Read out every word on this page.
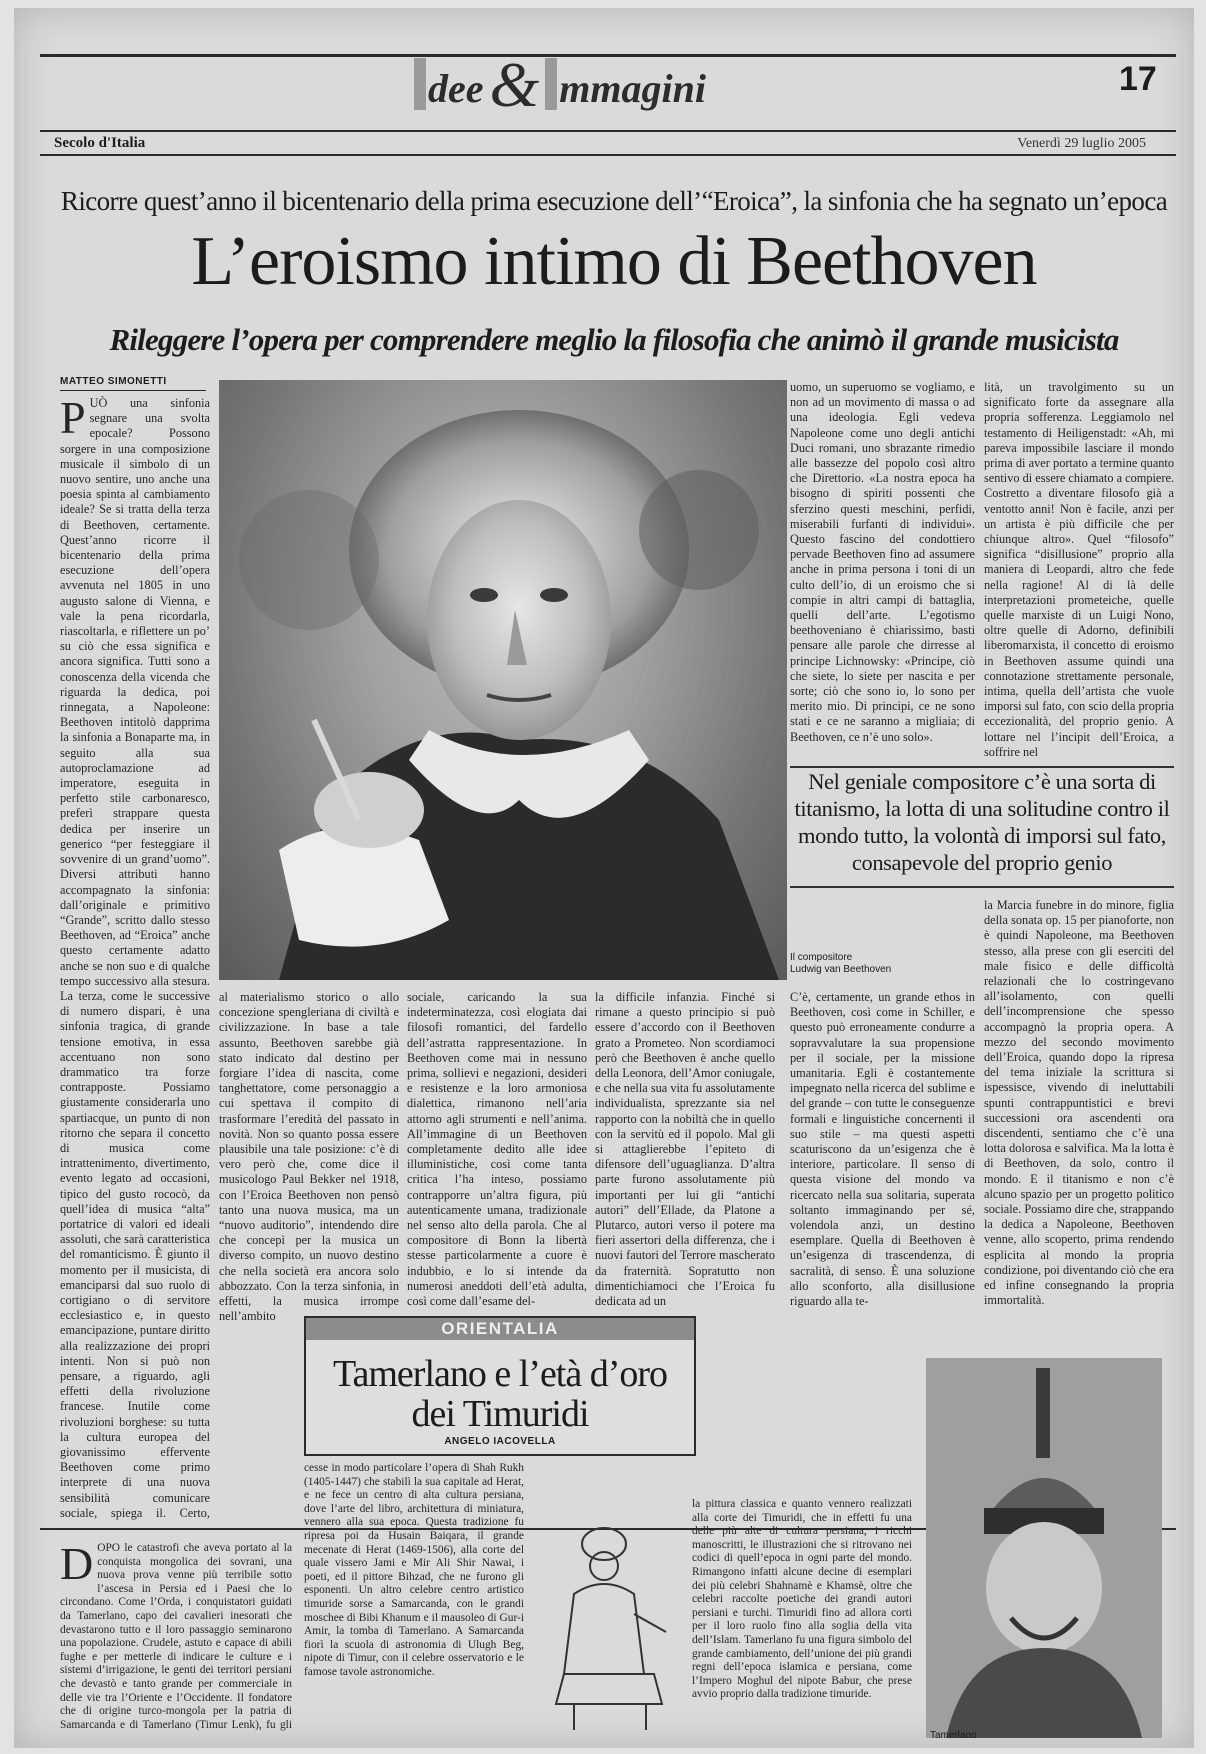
dee& mmagini	17
Secolo d'Italia	Venerdì 29 luglio 2005
Ricorre quest’anno il bicentenario della prima esecuzione dell’“Eroica”, la sinfonia che ha segnato un’epoca
L’eroismo intimo di Beethoven
Rileggere l’opera per comprendere meglio la filosofia che animò il grande musicista
MATTEO SIMONETTI

PUÒ una sinfonia segnare una svolta epocale? Possono sorgere in una composizione musicale il simbolo di un nuovo sentire, uno anche una poesia spinta al cambiamento ideale? Se si tratta della terza di Beethoven, certamente. Quest’anno ricorre il bicentenario della prima esecuzione dell’opera avvenuta nel 1805 in uno augusto salone di Vienna, e vale la pena ricordarla, riascoltarla, e riflettere un po’ su ciò che essa significa e ancora significa. Tutti sono a conoscenza della vicenda che riguarda la dedica, poi rinnegata, a Napoleone: Beethoven intitolò dapprima la sinfonia a Bonaparte ma, in seguito alla sua autoproclamazione ad imperatore, eseguita in perfetto stile carbonaresco, preferì strappare questa dedica per inserire un generico “per festeggiare il sovvenire di un grand’uomo”. Diversi attributi hanno accompagnato la sinfonia: dall’originale e primitivo “Grande”, scritto dallo stesso Beethoven, ad “Eroica” anche questo certamente adatto anche se non suo e di qualche tempo successivo alla stesura. La terza, come le successive di numero dispari, è una sinfonia tragica, di grande tensione emotiva, in essa accentuano non sono drammatico tra forze contrapposte. Possiamo giustamente considerarla uno spartiacque, un punto di non ritorno che separa il concetto di musica come intrattenimento, divertimento, evento legato ad occasioni, tipico del gusto rococò, da quell’idea di musica “alta” portatrice di valori ed ideali assoluti, che sarà caratteristica del romanticismo. È giunto il momento per il musicista, di emanciparsi dal suo ruolo di cortigiano o di servitore ecclesiastico e, in questo emancipazione, puntare diritto alla realizzazione dei propri intenti. Non si può non pensare, a riguardo, agli effetti della rivoluzione francese. Inutile come rivoluzioni borghese: su tutta la cultura europea del giovanissimo effervente Beethoven come primo interprete di una nuova sensibilità comunicare sociale, spiega il. Certo,

al materialismo storico o allo concezione spengleriana di civiltà e civilizzazione. In base a tale assunto, Beethoven sarebbe già stato indicato dal destino per forgiare l’idea di nascita, come tanghettatore, come personaggio a cui spettava il compito di trasformare l’eredità del passato in novità. Non so quanto possa essere plausibile una tale posizione: c’è di vero però che, come dice il musicologo Paul Bekker nel 1918, con l’Eroica Beethoven non pensò tanto una nuova musica, ma un “nuovo auditorio”, intendendo dire che concepì per la musica un diverso compito, un nuovo destino che nella società era ancora solo abbozzato. Con la terza sinfonia, in effetti, la musica irrompe nell’ambito
sociale, caricando la sua indeterminatezza, così elogiata dai filosofi romantici, del fardello dell’astratta rappresentazione. In Beethoven come mai in nessuno prima, sollievi e negazioni, desideri e resistenze e la loro armoniosa dialettica, rimanono nell’aria attorno agli strumenti e nell’anima. All’immagine di un Beethoven completamente dedito alle idee illuministiche, così come tanta critica l’ha inteso, possiamo contrapporre un’altra figura, più autenticamente umana, tradizionale nel senso alto della parola. Che al compositore di Bonn la libertà stesse particolarmente a cuore è indubbio, e lo si intende da numerosi aneddoti dell’età adulta, così come dall’esame del-
la difficile infanzia. Finché si rimane a questo principio si può essere d’accordo con il Beethoven grato a Prometeo. Non scordiamoci però che Beethoven è anche quello della Leonora, dell’Amor coniugale, e che nella sua vita fu assolutamente individualista, sprezzante sia nel rapporto con la nobiltà che in quello con la servitù ed il popolo. Mal gli si attaglierebbe l’epiteto di difensore dell’uguaglianza. D’altra parte furono assolutamente più importanti per lui gli “antichi autori” dell’Ellade, da Platone a Plutarco, autori verso il potere ma fieri assertori della differenza, che i nuovi fautori del Terrore mascherato da fraternità. Sopratutto non dimentichiamoci che l’Eroica fu dedicata ad un
uomo, un superuomo se vogliamo, e non ad un movimento di massa o ad una ideologia. Egli vedeva Napoleone come uno degli antichi Duci romani, uno sbrazante rimedio alle bassezze del popolo così altro che Direttorio. «La nostra epoca ha bisogno di spiriti possenti che sferzino questi meschini, perfidi, miserabili furfanti di individui». Questo fascino del condottiero pervade Beethoven fino ad assumere anche in prima persona i toni di un culto dell’io, di un eroismo che si compie in altri campi di battaglia, quelli dell’arte. L’egotismo beethoveniano è chiarissimo, basti pensare alle parole che dirresse al principe Lichnowsky: «Principe, ciò che siete, lo siete per nascita e per sorte; ciò che sono io, lo sono per merito mio. Di principi, ce ne sono stati e ce ne saranno a migliaia; di Beethoven, ce n’è uno solo».
lità, un travolgimento su un significato forte da assegnare alla propria sofferenza. Leggiamolo nel testamento di Heiligenstadt: «Ah, mi pareva impossibile lasciare il mondo prima di aver portato a termine quanto sentivo di essere chiamato a compiere. Costretto a diventare filosofo già a ventotto anni! Non è facile, anzi per un artista è più difficile che per chiunque altro». Quel “filosofo” significa “disillusione” proprio alla maniera di Leopardi, altro che fede nella ragione! Al di là delle interpretazioni prometeiche, quelle quelle marxiste di un Luigi Nono, oltre quelle di Adorno, definibili liberomarxista, il concetto di eroismo in Beethoven assume quindi una connotazione strettamente personale, intima, quella dell’artista che vuole imporsi sul fato, con scio della propria eccezionalità, del proprio genio. A lottare nel l’incipit dell’Eroica, a soffrire nel
Nel geniale compositore c’è una sorta di titanismo, la lotta di una solitudine contro il mondo tutto, la volontà di imporsi sul fato, consapevole del proprio genio
Il compositore
Ludwig van Beethoven
C’è, certamente, un grande ethos in Beethoven, così come in Schiller, e questo può erroneamente condurre a sopravvalutare la sua propensione per il sociale, per la missione umanitaria. Egli è costantemente impegnato nella ricerca del sublime e del grande – con tutte le conseguenze formali e linguistiche concernenti il suo stile – ma questi aspetti scaturiscono da un’esigenza che è interiore, particolare. Il senso di questa visione del mondo va ricercato nella sua solitaria, superata soltanto immaginando per sé, volendola anzi, un destino esemplare. Quella di Beethoven è un’esigenza di trascendenza, di sacralità, di senso. È una soluzione allo sconforto, alla disillusione riguardo alla te-
la Marcia funebre in do minore, figlia della sonata op. 15 per pianoforte, non è quindi Napoleone, ma Beethoven stesso, alla prese con gli eserciti del male fisico e delle difficoltà relazionali che lo costringevano all’isolamento, con quelli dell’incomprensione che spesso accompagnò la propria opera. A mezzo del secondo movimento dell’Eroica, quando dopo la ripresa del tema iniziale la scrittura si ispessisce, vivendo di ineluttabili spunti contrappuntistici e brevi successioni ora ascendenti ora discendenti, sentiamo che c’è una lotta dolorosa e salvifica. Ma la lotta è di Beethoven, da solo, contro il mondo. E il titanismo e non c’è alcuno spazio per un progetto politico sociale. Possiamo dire che, strappando la dedica a Napoleone, Beethoven venne, allo scoperto, prima rendendo esplicita al mondo la propria condizione, poi diventando ciò che era ed infine consegnando la propria immortalità.

DOPO le catastrofi che aveva portato al la conquista mongolica dei sovrani, una nuova prova venne più terribile sotto l’ascesa in Persia ed i Paesi che lo circondano. Come l’Orda, i conquistatori guidati da Tamerlano, capo dei cavalieri inesorati che devastarono tutto e il loro passaggio seminarono una popolazione. Crudele, astuto e capace di abili fughe e per metterle di indicare le culture e i sistemi d’irrigazione, le genti dei territori persiani che devastò e tanto grande per commerciale in delle vie tra l’Oriente e l’Occidente. Il fondatore che di origine turco-mongola per la patria di Samarcanda e di Tamerlano (Timur Lenk), fu gli

ORIENTALIA
Tamerlano e l’età d’oro
dei Timuridi
ANGELO IACOVELLA
cesse in modo particolare l’opera di Shah Rukh (1405-1447) che stabilì la sua capitale ad Herat, e ne fece un centro di alta cultura persiana, dove l’arte del libro, architettura di miniatura, vennero alla sua epoca. Questa tradizione fu ripresa poi da Husain Baiqara, il grande mecenate di Herat (1469-1506), alla corte del quale vissero Jami e Mir Ali Shir Nawai, i poeti, ed il pittore Bihzad, che ne furono gli esponenti. Un altro celebre centro artistico timuride sorse a Samarcanda, con le grandi moschee di Bibi Khanum e il mausoleo di Gur-i Amir, la tomba di Tamerlano. A Samarcanda fiorì la scuola di astronomia di Ulugh Beg, nipote di Timur, con il celebre osservatorio e le famose tavole astronomiche.
la pittura classica e quanto vennero realizzati alla corte dei Timuridi, che in effetti fu una delle più alte di cultura persiana, i ricchi manoscritti, le illustrazioni che si ritrovano nei codici di quell’epoca in ogni parte del mondo. Rimangono infatti alcune decine di esemplari dei più celebri Shahnamè e Khamsè, oltre che celebri raccolte poetiche dei grandi autori persiani e turchi. Timuridi fino ad allora corti per il loro ruolo fino alla soglia della vita dell’Islam. Tamerlano fu una figura simbolo del grande cambiamento, dell’unione dei più grandi regni dell’epoca islamica e persiana, come l’Impero Moghul del nipote Babur, che prese avvio proprio dalla tradizione timuride.
Tamerlano
